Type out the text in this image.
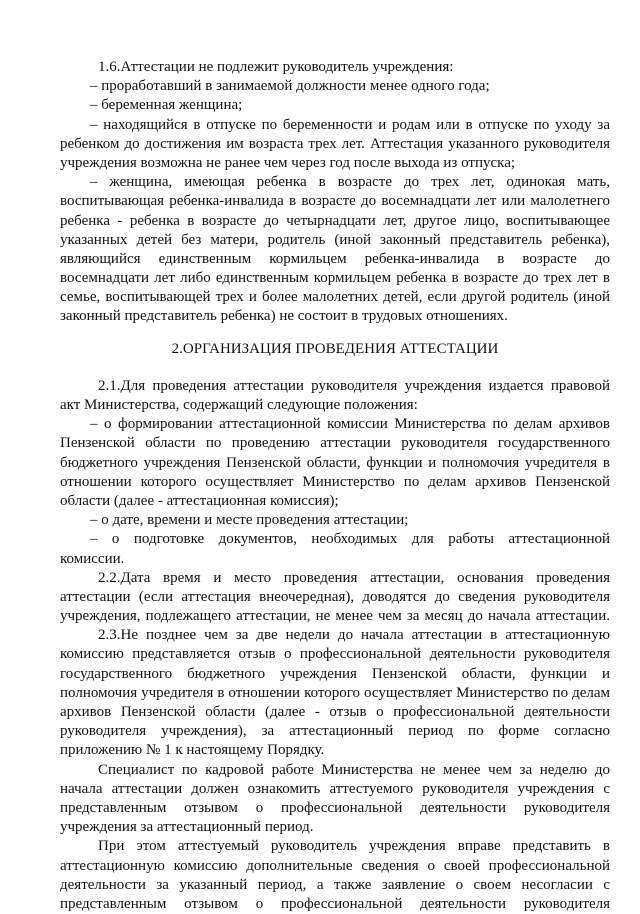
1.6.Аттестации не подлежит руководитель учреждения:
– проработавший в занимаемой должности менее одного года;
– беременная женщина;
– находящийся в отпуске по беременности и родам или в отпуске по уходу за
ребенком до достижения им возраста трех лет. Аттестация указанного руководителя
учреждения возможна не ранее чем через год после выхода из отпуска;
– женщина, имеющая ребенка в возрасте до трех лет, одинокая мать,
воспитывающая ребенка-инвалида в возрасте до восемнадцати лет или малолетнего
ребенка - ребенка в возрасте до четырнадцати лет, другое лицо, воспитывающее
указанных детей без матери, родитель (иной законный представитель ребенка),
являющийся единственным кормильцем ребенка-инвалида в возрасте до
восемнадцати лет либо единственным кормильцем ребенка в возрасте до трех лет в
семье, воспитывающей трех и более малолетних детей, если другой родитель (иной
законный представитель ребенка) не состоит в трудовых отношениях.
2.ОРГАНИЗАЦИЯ ПРОВЕДЕНИЯ АТТЕСТАЦИИ
2.1.Для проведения аттестации руководителя учреждения издается правовой
акт Министерства, содержащий следующие положения:
– о формировании аттестационной комиссии Министерства по делам архивов
Пензенской области по проведению аттестации руководителя государственного
бюджетного учреждения Пензенской области, функции и полномочия учредителя в
отношении которого осуществляет Министерство по делам архивов Пензенской
области (далее - аттестационная комиссия);
– о дате, времени и месте проведения аттестации;
– о подготовке документов, необходимых для работы аттестационной
комиссии.
2.2.Дата время и место проведения аттестации, основания проведения
аттестации (если аттестация внеочередная), доводятся до сведения руководителя
учреждения, подлежащего аттестации, не менее чем за месяц до начала аттестации.
2.3.Не позднее чем за две недели до начала аттестации в аттестационную
комиссию представляется отзыв о профессиональной деятельности руководителя
государственного бюджетного учреждения Пензенской области, функции и
полномочия учредителя в отношении которого осуществляет Министерство по делам
архивов Пензенской области (далее - отзыв о профессиональной деятельности
руководителя учреждения), за аттестационный период по форме согласно
приложению № 1 к настоящему Порядку.
Специалист по кадровой работе Министерства не менее чем за неделю до
начала аттестации должен ознакомить аттестуемого руководителя учреждения с
представленным отзывом о профессиональной деятельности руководителя
учреждения за аттестационный период.
При этом аттестуемый руководитель учреждения вправе представить в
аттестационную комиссию дополнительные сведения о своей профессиональной
деятельности за указанный период, а также заявление о своем несогласии с
представленным отзывом о профессиональной деятельности руководителя
